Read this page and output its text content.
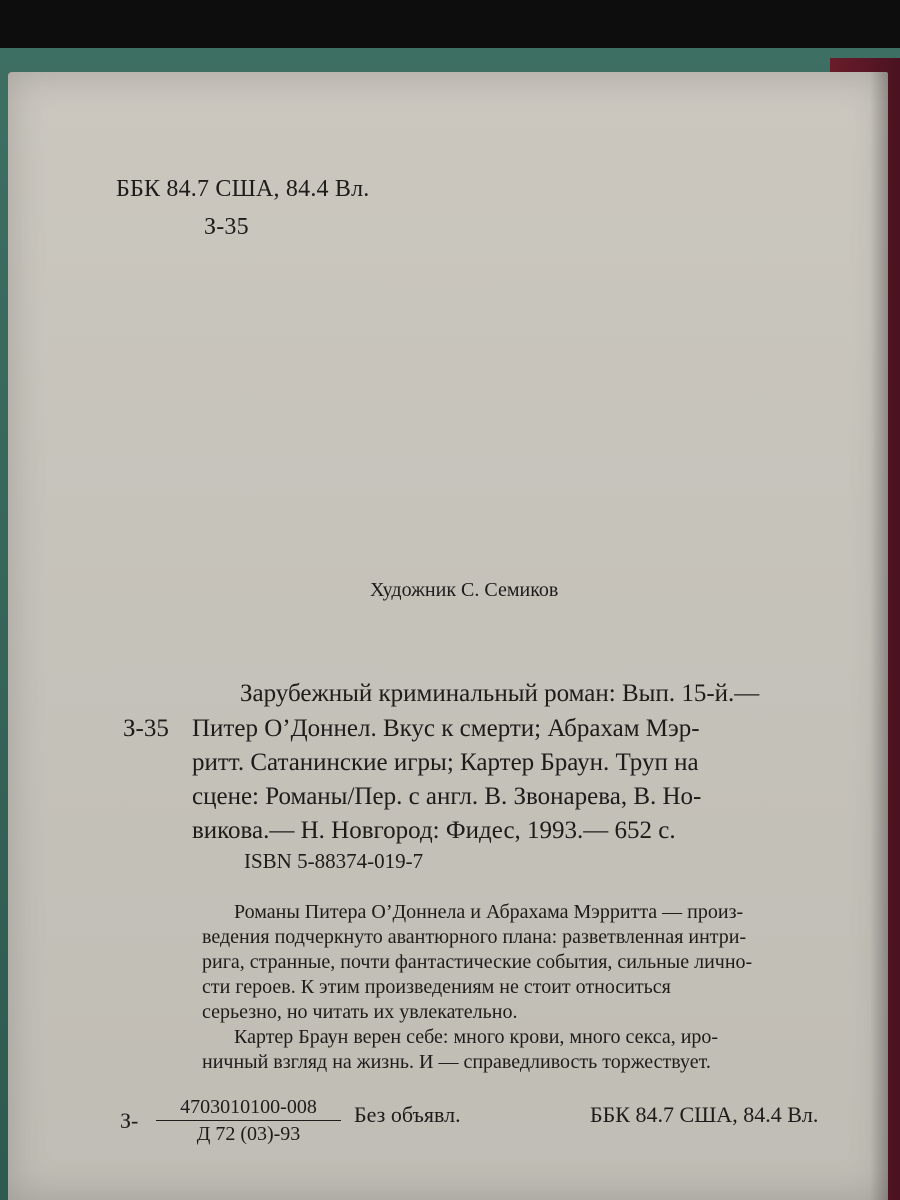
ББК 84.7 США, 84.4 Вл.
З-35
Художник С. Семиков
Зарубежный криминальный роман: Вып. 15-й.—
З-35 Питер О’Доннел. Вкус к смерти; Абрахам Мэр-
ритт. Сатанинские игры; Картер Браун. Труп на
сцене: Романы/Пер. с англ. В. Звонарева, В. Но-
викова.— Н. Новгород: Фидес, 1993.— 652 с.
ISBN 5-88374-019-7
Романы Питера О’Доннела и Абрахама Мэрритта — произ-
ведения подчеркнуто авантюрного плана: разветвленная интри-
ригa, странные, почти фантастические события, сильные лично-
сти героев. К этим произведениям не стоит относиться
серьезно, но читать их увлекательно.
Картер Браун верен себе: много крови, много секса, иро-
ничный взгляд на жизнь. И — справедливость торжествует.
З-
4703010100-008
Д 72 (03)-93
Без объявл.	ББК 84.7 США, 84.4 Вл.
